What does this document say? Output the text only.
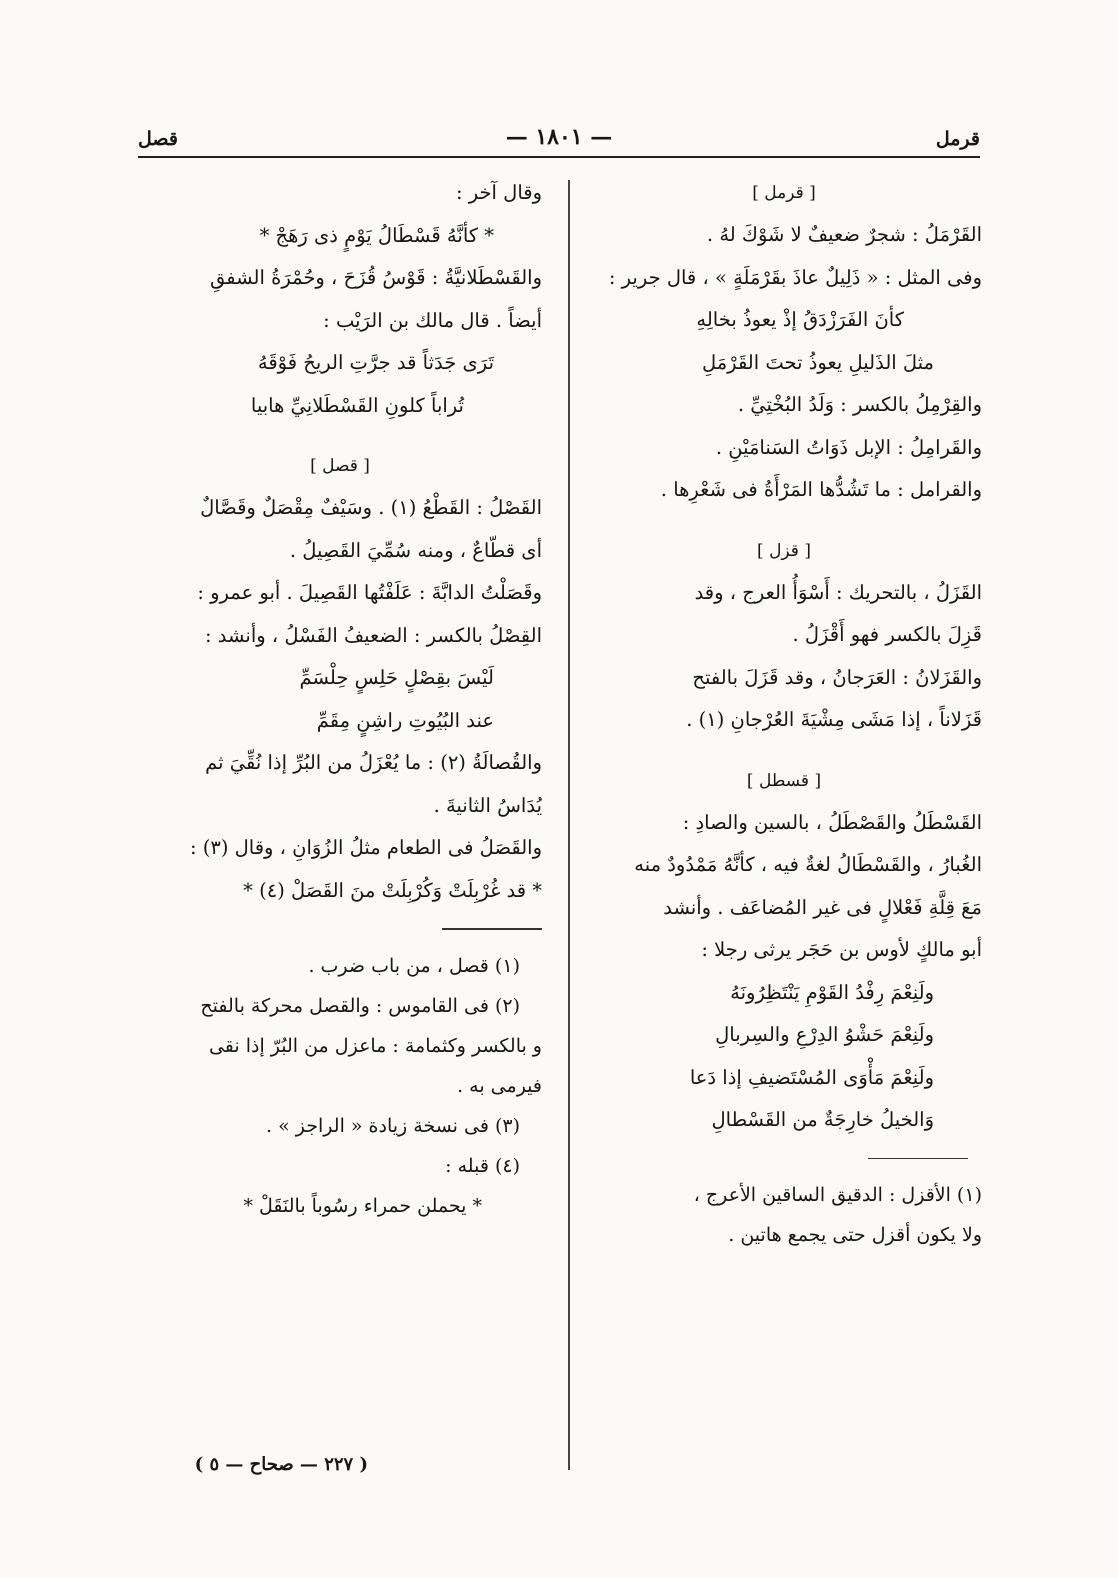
قرمل
— ١٨٠١ —
قصل
[ قرمل ]
القَرْمَلُ : شجرٌ ضعيفٌ لا شَوْكَ لهُ .
وفى المثل : « ذَلِيلٌ عاذَ بقَرْمَلَةٍ » ، قال جرير :
كأنَ الفَرَزْدَقُ إذْ يعوذُ بخالِهِ
مثلَ الذَليلِ يعوذُ تحتَ القَرْمَلِ
والقِرْمِلُ بالكسر : وَلَدُ البُخْتِيِّ .
والقَرامِلُ : الإبل ذَوَاتُ السَنامَيْنِ .
والقرامل : ما تَشُدُّها المَرْأَةُ فى شَعْرِها .
[ قزل ]
القَزَلُ ، بالتحريك : أَسْوَأُ العرج ، وقد
قَزِلَ بالكسر فهو أَقْزَلُ .
والقَزَلانُ : العَرَجانُ ، وقد قَزَلَ بالفتح
قَزَلاناً ، إذا مَشَى مِشْيَةَ العُرْجانِ (١) .
[ قسطل ]
القَسْطَلُ والقَصْطَلُ ، بالسين والصادِ :
الغُبارُ ، والقَسْطَالُ لغةٌ فيه ، كأنَّهُ مَمْدُودٌ منه
مَعَ قِلَّةِ فَعْلالٍ فى غير المُضاعَف . وأنشد
أبو مالكٍ لأوس بن حَجَر يرثى رجلا :
ولَنِعْمَ رِفْدُ القَوْمِ يَنْتَظِرُونَهُ
ولَنِعْمَ حَشْوُ الدِرْعِ والسِربالِ
ولَنِعْمَ مَأْوَى المُسْتَضيفِ إذا دَعا
وَالخيلُ خارِجَةٌ من القَسْطالِ
(١) الأقزل : الدقيق الساقين الأعرج ،
ولا يكون أقزل حتى يجمع هاتين .
وقال آخر :
* كأنَّهُ قَسْطَالُ يَوْمٍ ذى رَهَجْ *
والقَسْطَلانيَّةُ : قَوْسُ قُزَحَ ، وحُمْرَةُ الشفقِ
أيضاً . قال مالك بن الرَيْب :
تَرَى جَدَثاً قد جرَّتِ الريحُ فَوْقَهُ
تُراباً كلونِ القَسْطَلانِيِّ هابيا
[ قصل ]
القَصْلُ : القَطْعُ (١) . وسَيْفٌ مِقْصَلٌ وقَصَّالٌ
أى قطّاعٌ ، ومنه سُمِّيَ القَصِيلُ .
وقَصَلْتُ الدابَّةَ : عَلَفْتُها القَصِيلَ . أبو عمرو :
القِصْلُ بالكسر : الضعيفُ الفَسْلُ ، وأنشد :
لَيْسَ بقِصْلٍ حَلِسٍ حِلْسَمِّ
عند البُيُوتِ راشِنٍ مِقَمِّ
والقُصالَةُ (٢) : ما يُعْزَلُ من البُرِّ إذا نُقِّيَ ثم
يُدَاسُ الثانيةَ .
والقَصَلُ فى الطعام مثلُ الزُوَانِ ، وقال (٣) :
* قد غُرْبِلَتْ وَكُرْبِلَتْ منَ القَصَلْ (٤) *
(١) قصل ، من باب ضرب .
(٢) فى القاموس : والقصل محركة بالفتح
و بالكسر وكثمامة : ماعزل من البُرّ إذا نقى
فيرمى به .
(٣) فى نسخة زيادة « الراجز » .
(٤) قبله :
* يحملن حمراء رسُوباً بالنَقَلْ *
( ٢٢٧ — صحاح — ٥ )
